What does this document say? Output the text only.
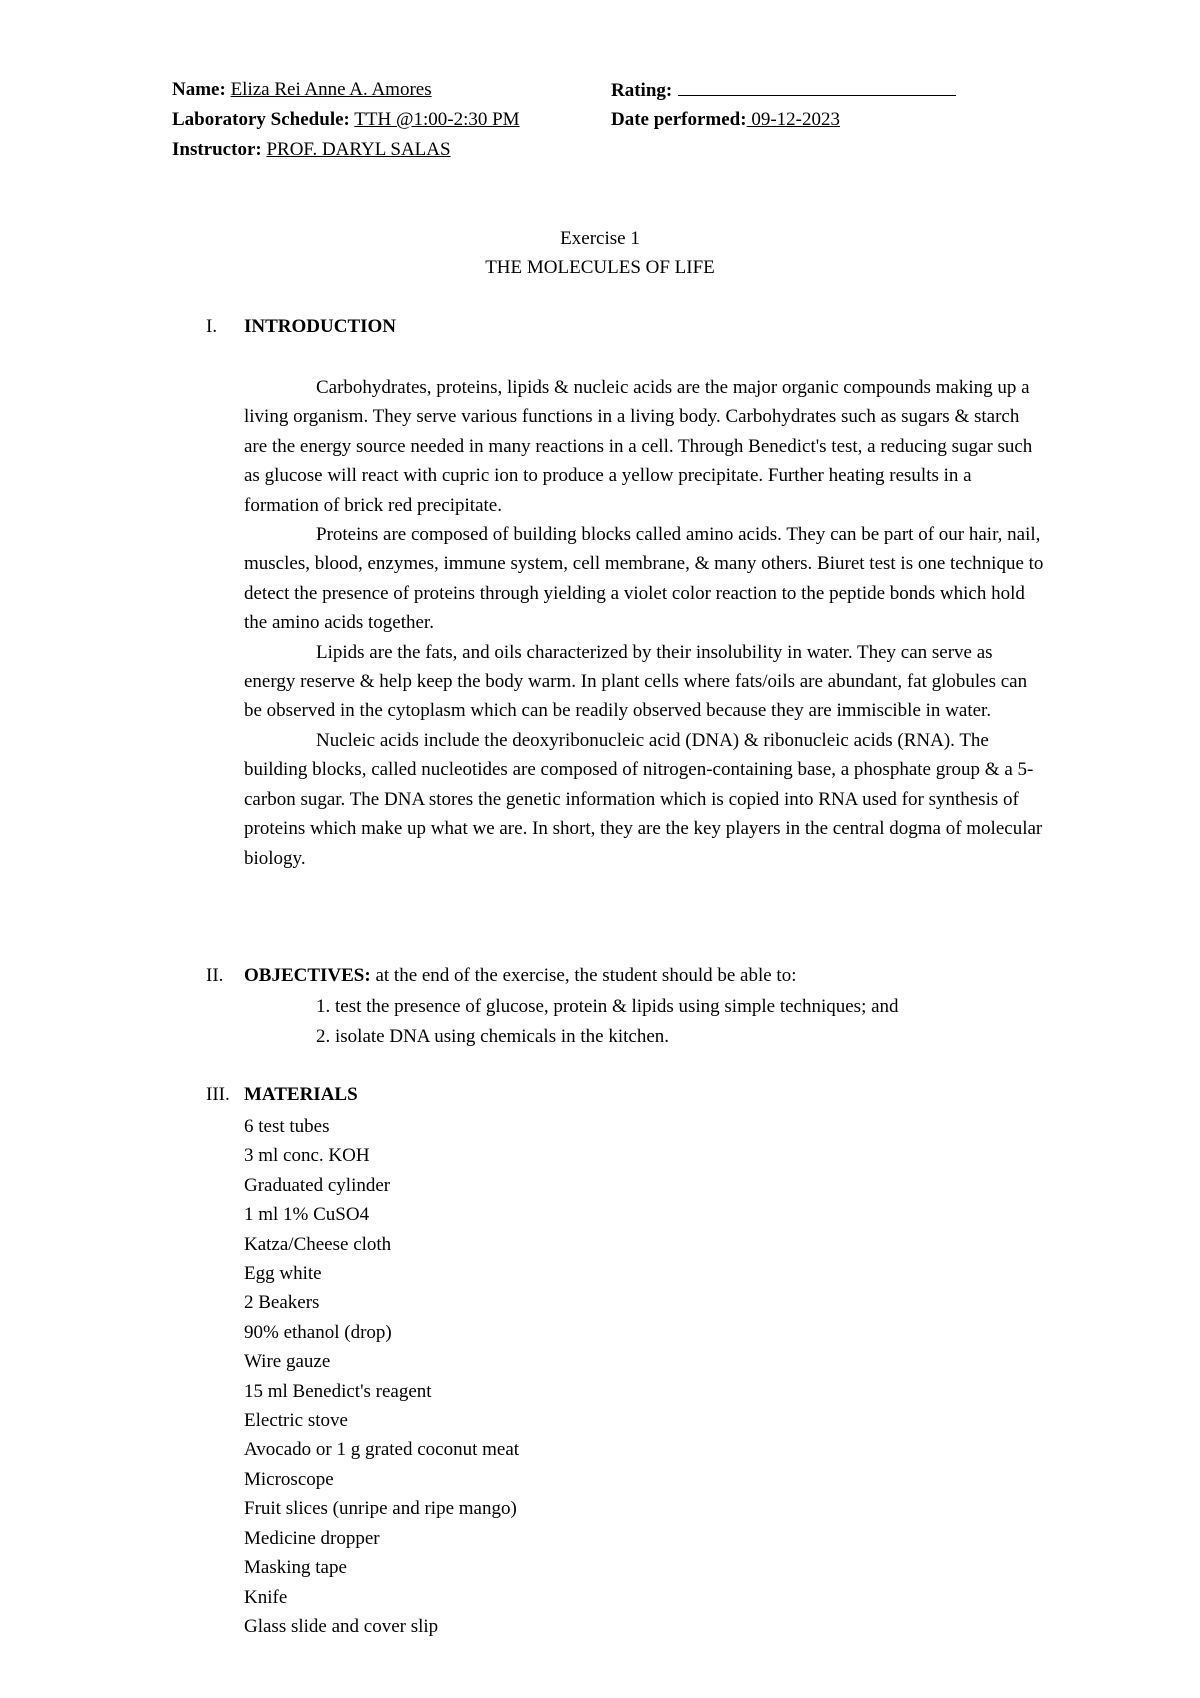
Name: Eliza Rei Anne A. Amores	Rating:
Laboratory Schedule: TTH @1:00-2:30 PM	Date performed: 09-12-2023
Instructor: PROF. DARYL SALAS
Exercise 1
THE MOLECULES OF LIFE
I. INTRODUCTION

Carbohydrates, proteins, lipids & nucleic acids are the major organic compounds making up a living organism. They serve various functions in a living body. Carbohydrates such as sugars & starch are the energy source needed in many reactions in a cell. Through Benedict's test, a reducing sugar such as glucose will react with cupric ion to produce a yellow precipitate. Further heating results in a formation of brick red precipitate.

Proteins are composed of building blocks called amino acids. They can be part of our hair, nail, muscles, blood, enzymes, immune system, cell membrane, & many others. Biuret test is one technique to detect the presence of proteins through yielding a violet color reaction to the peptide bonds which hold the amino acids together.

Lipids are the fats, and oils characterized by their insolubility in water. They can serve as energy reserve & help keep the body warm. In plant cells where fats/oils are abundant, fat globules can be observed in the cytoplasm which can be readily observed because they are immiscible in water.

Nucleic acids include the deoxyribonucleic acid (DNA) & ribonucleic acids (RNA). The building blocks, called nucleotides are composed of nitrogen-containing base, a phosphate group & a 5-carbon sugar. The DNA stores the genetic information which is copied into RNA used for synthesis of proteins which make up what we are. In short, they are the key players in the central dogma of molecular biology.

II. OBJECTIVES: at the end of the exercise, the student should be able to:
1. test the presence of glucose, protein & lipids using simple techniques; and
2. isolate DNA using chemicals in the kitchen.
III. MATERIALS
6 test tubes
3 ml conc. KOH
Graduated cylinder
1 ml 1% CuSO4
Katza/Cheese cloth
Egg white
2 Beakers
90% ethanol (drop)
Wire gauze
15 ml Benedict's reagent
Electric stove
Avocado or 1 g grated coconut meat
Microscope
Fruit slices (unripe and ripe mango)
Medicine dropper
Masking tape
Knife
Glass slide and cover slip
